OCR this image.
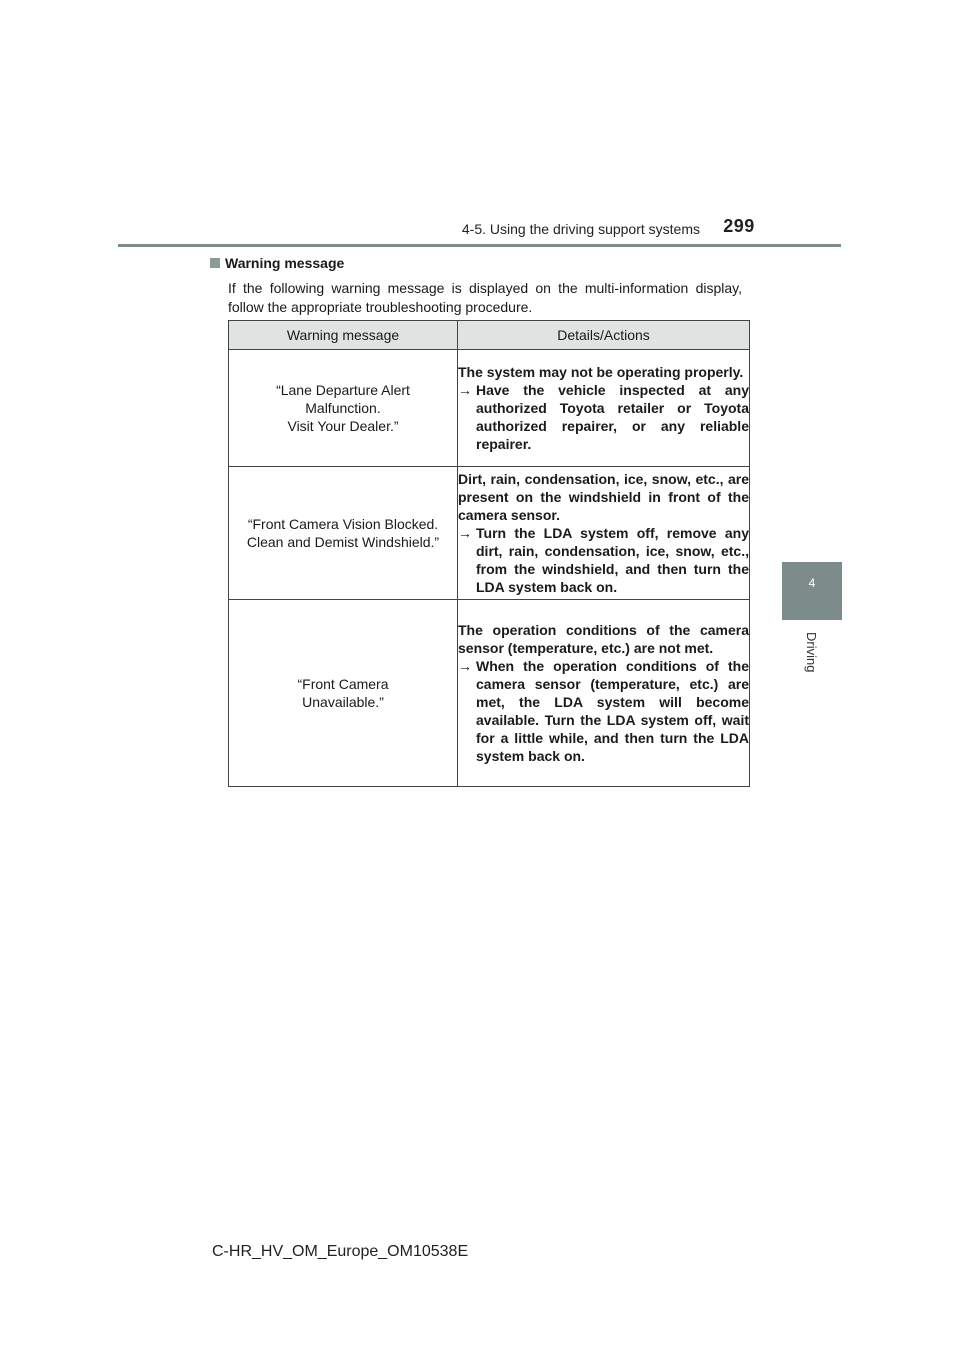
4-5. Using the driving support systems	299
4
Driving
Warning message
If the following warning message is displayed on the multi-information display, follow the appropriate troubleshooting procedure.
Warning message	Details/Actions

“Lane Departure Alert
Malfunction.
Visit Your Dealer.”	The system may not be operating properly.
→ Have the vehicle inspected at any authorized Toyota retailer or Toyota authorized repairer, or any reliable repairer.

“Front Camera Vision Blocked.
Clean and Demist Windshield.”	Dirt, rain, condensation, ice, snow, etc., are present on the windshield in front of the camera sensor.
→ Turn the LDA system off, remove any dirt, rain, condensation, ice, snow, etc., from the windshield, and then turn the LDA system back on.

“Front Camera
Unavailable.”	The operation conditions of the camera sensor (temperature, etc.) are not met.
→ When the operation conditions of the camera sensor (temperature, etc.) are met, the LDA system will become available. Turn the LDA system off, wait for a little while, and then turn the LDA system back on.
C-HR_HV_OM_Europe_OM10538E
